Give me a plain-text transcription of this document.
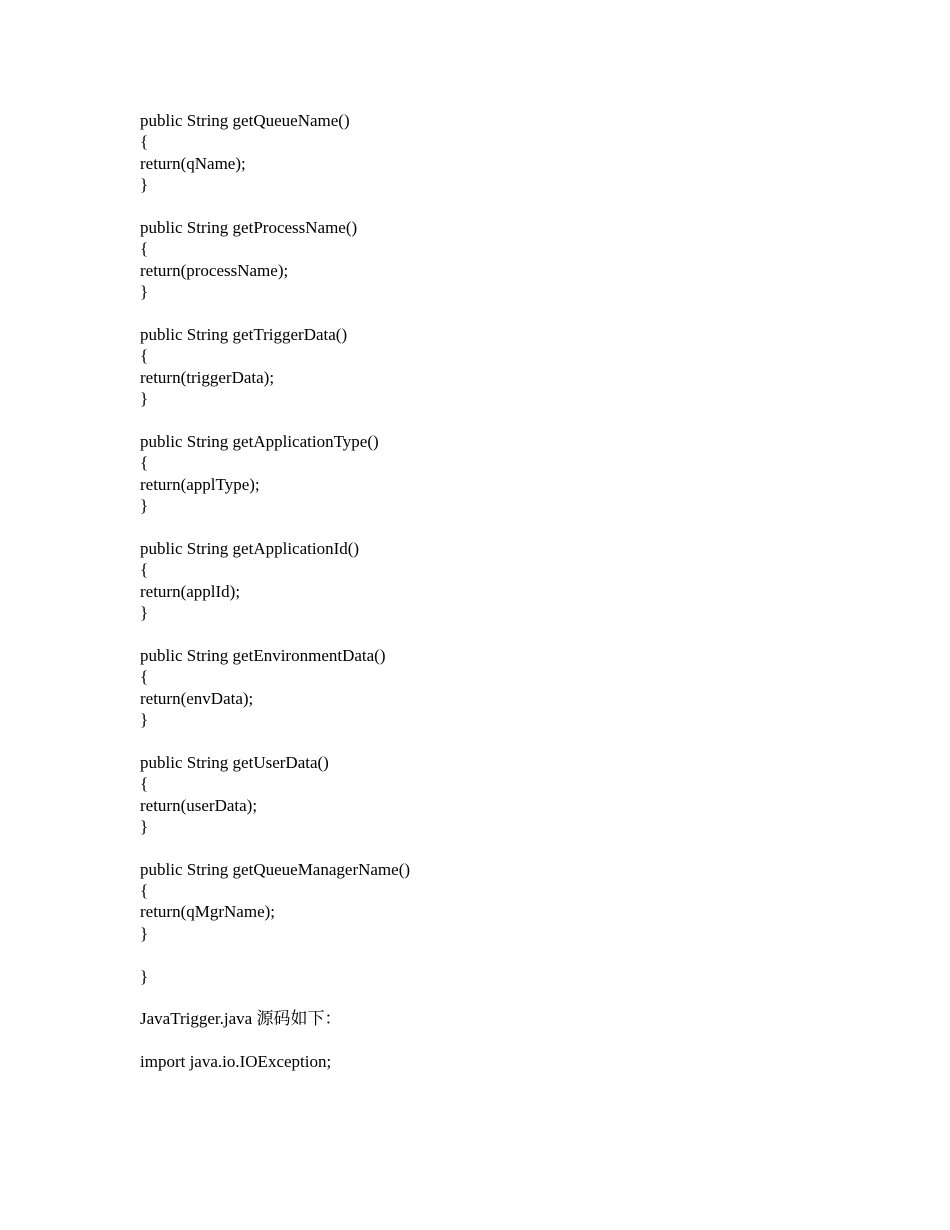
public String getQueueName()
{
return(qName);
}
public String getProcessName()
{
return(processName);
}
public String getTriggerData()
{
return(triggerData);
}
public String getApplicationType()
{
return(applType);
}
public String getApplicationId()
{
return(applId);
}
public String getEnvironmentData()
{
return(envData);
}
public String getUserData()
{
return(userData);
}
public String getQueueManagerName()
{
return(qMgrName);
}
}
JavaTrigger.java 源码如下：
import java.io.IOException;
